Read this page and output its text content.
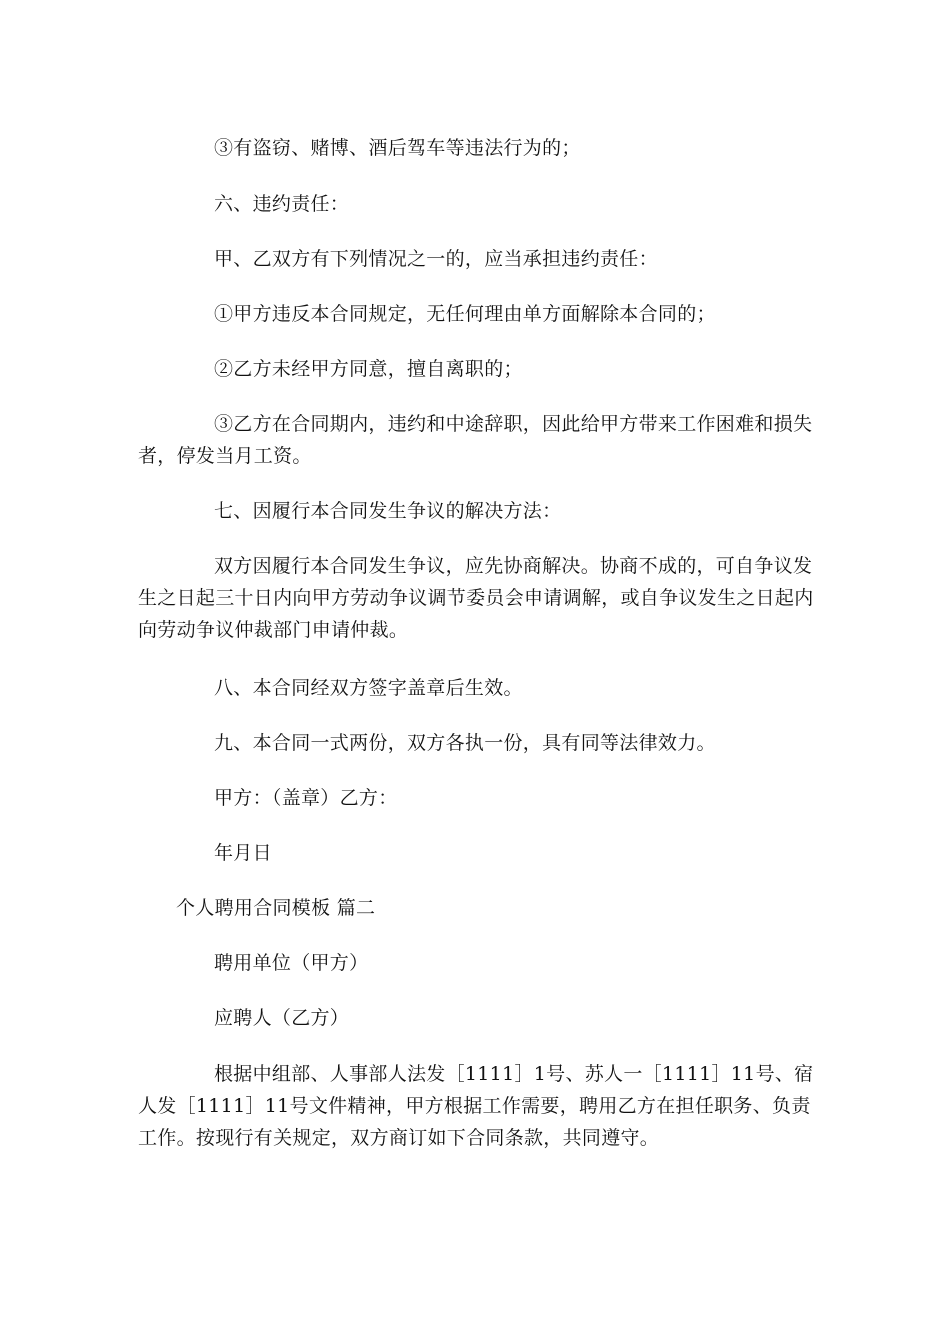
③有盗窃、赌博、酒后驾车等违法行为的；
六、违约责任：
甲、乙双方有下列情况之一的，应当承担违约责任：
①甲方违反本合同规定，无任何理由单方面解除本合同的；
②乙方未经甲方同意，擅自离职的；
③乙方在合同期内，违约和中途辞职，因此给甲方带来工作困难和损失者，停发当月工资。
七、因履行本合同发生争议的解决方法：
双方因履行本合同发生争议，应先协商解决。协商不成的，可自争议发生之日起三十日内向甲方劳动争议调节委员会申请调解，或自争议发生之日起内向劳动争议仲裁部门申请仲裁。
八、本合同经双方签字盖章后生效。
九、本合同一式两份，双方各执一份，具有同等法律效力。
甲方：（盖章）乙方：
年月日
个人聘用合同模板 篇二
聘用单位（甲方）
应聘人（乙方）
根据中组部、人事部人法发［1111］1号、苏人一［1111］11号、宿人发［1111］11号文件精神，甲方根据工作需要，聘用乙方在担任职务、负责工作。按现行有关规定，双方商订如下合同条款，共同遵守。
